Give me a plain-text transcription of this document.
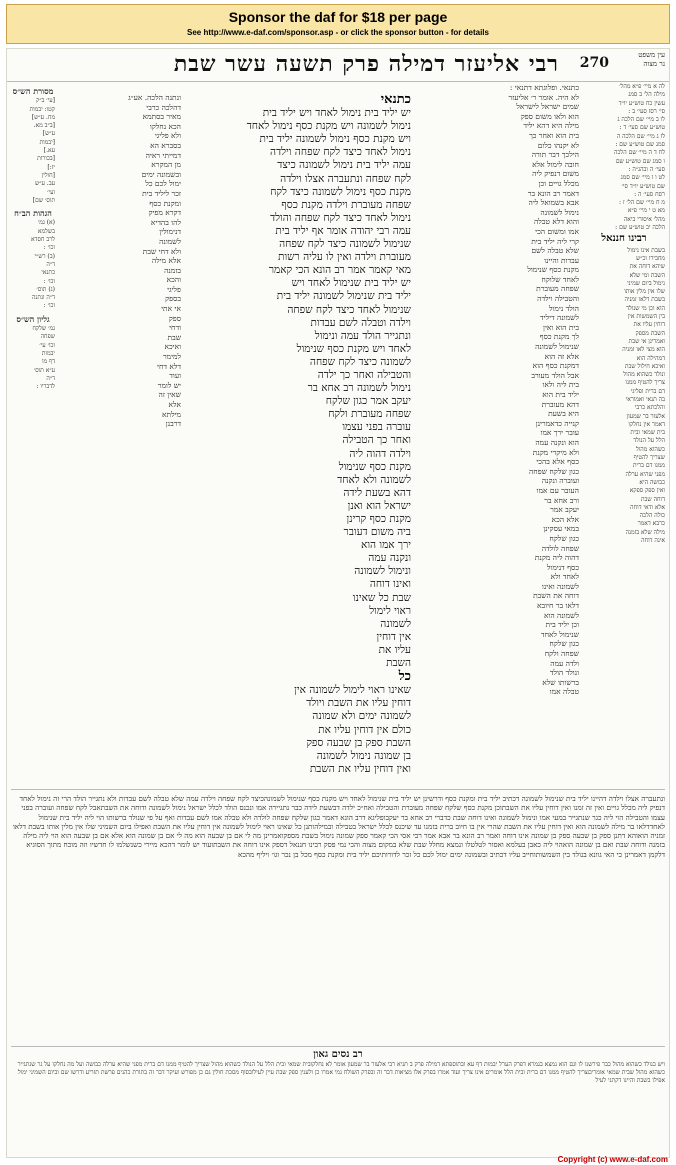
Sponsor the daf for $18 per page
See http://www.e-daf.com/sponsor.asp - or click the sponsor button - for details
עין משפט
נר מצוה
270
רבי אליעזר דמילה פרק תשעה עשר שבת
לה א מיי׳ פ״א מהל׳
מילה הל׳ ב סמג
עשין כח טוש״ע יו״ד
סי׳ רסז סעי׳ ב :
לו ב מיי׳ שם הלכה ג
טוש״ע שם סעי׳ ד :
לז ג מיי׳ שם הלכה ה
סמג שם טוש״ע שם :
לח ד ה מיי׳ שם הלכה
ו סמג שם טוש״ע שם
סעי׳ ה ובהג״ה :
לט ו ז מיי׳ שם סמג
שם טוש״ע יו״ד סי׳
רסח סעי׳ ה :
מ ח מיי׳ שם הל׳ ז :
מא ט י מיי׳ פ״א
מהל׳ איסורי ביאה
הלכה יב טוש״ע שם :
רבינו חננאל
בשבת אינו נימול
מחבירו וכ״ש
שיהא דוחה את
השבת ומי שלא
נימול ביום שמיני
שלו אין מלין אותו
בשבת דלאו זמניה
הוא וכן מי שנולד
בין השמשות אין
דוחין עליו את
השבת מספק
ואמרינן אי שבת
הוא מצי לאו זמניה
דמהילה הוא
ואיכא חילול שבת
ונולד כשהוא מהול
צריך להטיף ממנו
דם ברית ופליגי
בה תנאי ואמוראי
והלכתא כרבי
אלעזר בר שמעון
דאמר אין נחלקו
בית שמאי ובית
הלל על הנולד
כשהוא מהול
שצריך להטיף
ממנו דם ברית
מפני שהיא ערלה
כבושה היא
ואין ספק ספקא
דוחה שבת
אלא ודאי דוחה
כולה הלכה
כרבא דאמר
מילה שלא בזמנה
אינה דוחה
כתנאי. ופלוגתא דתנאי :
לא היה. אומר ר׳ אליעזר
שמים ישראל לישראל
הוא ולאו משום ספק
מילה היא דהא יליד
בית הוא ואחר כך
לא יקנהו כלום
הילכך דבר תורה
חובה לימול אלא
משום דנפיק ליה
מכלל גויים וכן
דאמר רב הונא בר
אבא בשמואל ליה
נימול לשמונה
והוא דלא טבלה
אמו ומשום הכי
קרי ליה יליד בית
שלא טבלה לשם
עבדות והיינו
מקנת כסף שנימול
לאחד שלוקח
שפחה מעוברת
והטבילה וילדה
הולד נימול
לשמונה דיליד
בית הוא ואין
לך מקנת כסף
שנימול לשמונה
אלא זה הוא
דמקנת כסף הוא
אבל הולד מעורב
בית ליה ולאו
יליד בית הוא
דהא מעוברת
היא בשעת
קנייה כדאמרינן
עובר ירך אמו
הוא ונקנה עמה
ולא מיקרי מקנת
כסף אלא בהכי
כגון שלקח שפחה
ועוברה ונקנה
העובר עם אמו
ורב אחא בר
יעקב אמר
אלא הכא
במאי עסקינן
כגון שלקח
שפחה לולדה
דהוה ליה מקנת
כסף דנימול
לאחד ולא
לשמונה ואינו
דוחה את השבת
דלאו בר חיובא
לשמונה הוא
וכן יליד בית
שנימול לאחד
כגון שלקח
שפחה ולקח
ולדה עמה
ונולד הולד
ברשותו שלא
טבלה אמו
כתנאי
יש יליד בית נימול לאחד ויש יליד בית
נימול לשמונה ויש מקנת כסף נימול לאחד
ויש מקנת כסף נימול לשמונה יליד בית
נימול לאחד כיצד לקח שפחה וילדה
עמה יליד בית נימול לשמונה כיצד
לקח שפחה ונתעברה אצלו וילדה
מקנת כסף נימול לשמונה כיצד לקח
שפחה מעוברת וילדה מקנת כסף
נימול לאחד כיצד לקח שפחה והולד
עמה רבי יהודה אומר אף יליד בית
שנימול לשמונה כיצד לקח שפחה
מעוברת וילדה ואין לו עליה רשות
מאי קאמר אמר רב הונא הכי קאמר
יש יליד בית שנימול לאחד ויש
יליד בית שנימול לשמונה יליד בית
שנימול לאחד כיצד לקח שפחה
וילדה וטבלה לשם עבדות
ונתגייר הולד עמה ונימול
לאחד ויש מקנת כסף שנימול
לשמונה כיצד לקח שפחה
והטבילה ואחר כך ילדה
נימול לשמונה רב אחא בר
יעקב אמר כגון שלקח
שפחה מעוברת ולקח
עוברה בפני עצמו
ואחר כך הטבילה
וילדה דהוה ליה
מקנת כסף שנימול
לשמונה ולא לאחד
דהא בשעת לידה
ישראל הוא ואנן
מקנת כסף קרינן
ביה משום דעובר
ירך אמו הוא
ונקנה עמה
ונימול לשמונה
ואינו דוחה
שבת כל שאינו
ראוי לימול
לשמונה
אין דוחין
עליו את
השבת
כל
שאינו ראוי לימול לשמונה אין
דוחין עליו את השבת ויולד
לשמונה ימים ולא שמונה
כולם אין דוחין עליו את
השבת ספק בן שבעה ספק
בן שמונה נימול לשמונה
ואין דוחין עליו את השבת
ונתנה הלכה. אע״ג
דהלכה כרבי
מאיר בסתמא
הכא נחלקו
ולא פליגי
בסברא הא
דמייתי ראיה
מן המקרא
ובשמונה ימים
ימול לכם כל
זכר ליליד בית
ומקנת כסף
דקרא מפיק
להו בהדיא
דנימולין
לשמונה
ולא דחי שבת
אלא מילה
בזמנה
והכא
פליגי
בספק
אי אתי
ספק
ודחי
שבת
ואיכא
למימר
דלא דחי
ועוד
יש לומר
שאין זה
אלא
מילתא
דרבנן
מסורת הש״ס
[עי׳ ב״ק
קטו: יבמות
מח. ע״ש]
[ב״ב מא.
ע״ש]
[יבמות
עא.]
[בכורות
יז:]
[חולין
עב. ע״ש
ועי׳
תוס׳ שם]
הגהות הב״ח
(א) גמ׳
בשלמא
לרב חסדא
וכו׳ :
(ב) רש״י
ד״ה
כתנאי
וכו׳ :
(ג) תוס׳
ד״ה ונתנה
וכו׳ :
גליון הש״ס
גמ׳ שלקח
שפחה
וכו׳ עי׳
יבמות
דף מו
ע״א תוס׳
ד״ה
לדבריו :
ונתעברה אצלו וילדה דהיינו יליד בית שנימול לשמונה דכתיב יליד בית ומקנת כסף ודרשינן יש יליד בית שנימול לאחד ויש מקנת כסף שנימול לשמונהכיצד לקח שפחה וילדה עמה שלא טבלה לשם עבדות ולא נתגייר הולד הרי זה נימול לאחד דנפיק ליה מכלל גויים ואין זה זמנו ואין דוחין עליו את השבתוכן מקנת כסף שלקח שפחה מעוברת והטבילה ואח״כ ילדה דבשעת לידה כבר נתגיירה אמו ונכנס הולד לכלל ישראל נימול לשמונה ודוחה את השבתאבל לקח שפחה ועוברה בפני עצמו והטבילה הוי ליה כגר שנתגייר במעי אמו ונימול לשמונה ואינו דוחה שבת כדברי רב אחא בר יעקבופליגא דרב הונא דאמר כגון שלקח שפחה לולדה ולא טבלה אמו לשם עבדות ואף על פי שנולד ברשותו הוי ליה יליד בית שנימול לאחדדלאו בר מילה לשמונה הוא ואין דוחין עליו את השבת שהרי אין בו חיוב ברית בזמנו עד שיכנס לכלל ישראל בטבילה ובמילהותנן כל שאינו ראוי לימול לשמונה אין דוחין עליו את השבת ואפילו ביום השמיני שלו אין מלין אותו בשבת דלאו זמניה הואוהא דתנן ספק בן שבעה ספק בן שמונה אינו דוחה ואמר רב הונא בר אבא אמר רבי אסי הכי קאמר ספק שמונה נימול בשבת מספקואמרינן מה לי אם בן שבעה הוא מה לי אם בן שמונה הוא אלא אם בן שבעה הוא הוי ליה מילה בזמנה ודוחה שבת ואם בן שמונה הואהוי ליה כאבן בעלמא ואסור לטלטלו ונמצא מחלל שבת שלא במקום מצוה והכי נמי פסק רבינו חננאל דספק אינו דוחה את השבתועוד יש לומר דהכא מיירי כשנשלמו לו חדשיו וזה מוכח מתוך הסוגיא דלקמן דאמרינן כי האי גוונא בנולד בין השמשותוחייב עליו דכתיב ובשמונה ימים ימול לכם כל זכר לדורותיכם יליד בית ומקנת כסף מכל בן נכר וגו׳ ויליף מהכא
רב נסים גאון
ויש בנולד כשהוא מהול כבר פירשנו לו וגם הוא נמצא בגמרא דפרק הערל יבמות דף עא ובתוספתא דמילה פרק ב תניא רבי אלעזר בר שמעון אומר לא נחלקובית שמאי ובית הלל על הנולד כשהוא מהול שצריך להטיף ממנו דם ברית מפני שהיא ערלה כבושה ועל מה נחלקו על גר שנתגייר כשהוא מהול שבית שמאי אומריםצריך להטיף ממנו דם ברית ובית הלל אומרים אינו צריך ועוד אמרו בפרק אלו מציאות דבר זה ובפרק השולח נמי אמרו כן ולענין ספק שבת עיין לעילובסוף מסכת חולין גם כן מפורש ועיקר דבר זה בתורת כהנים פרשת תזריע ודרשו שם וביום השמיני ימול אפילו בשבת והיינו דקתני לעיל
Copyright (c) www.e-daf.com
